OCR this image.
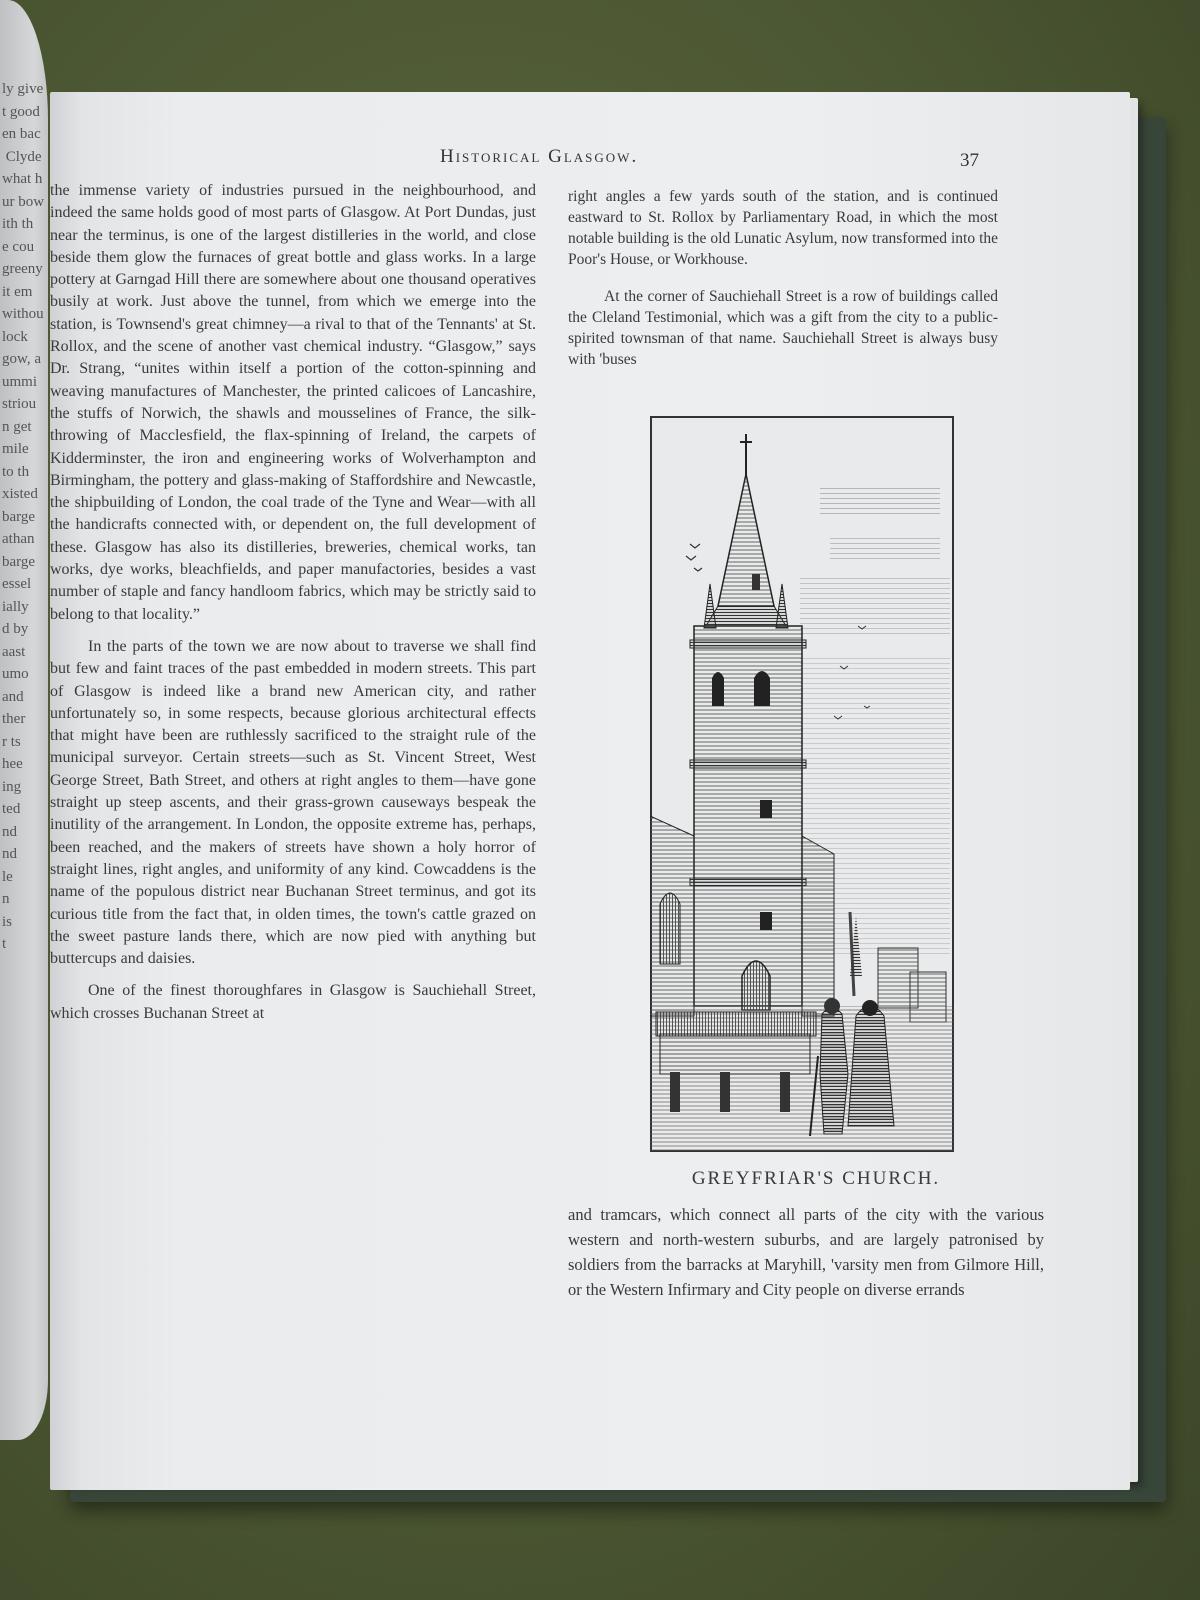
ly give
t good
en bac
Clyde
what h
ur bow
ith th
e cou
greeny
it em
withou
lock
gow, a
ummi
striou
n get
mile
to th
xisted
barge
athan
barge
essel
ially
d by
aast
umo
and
ther
r ts
hee
ing
ted
nd
nd
le
n
is
t
Historical Glasgow.	37

the immense variety of industries pursued in the neighbourhood, and indeed the same holds good of most parts of Glasgow. At Port Dundas, just near the terminus, is one of the largest distilleries in the world, and close beside them glow the furnaces of great bottle and glass works. In a large pottery at Garngad Hill there are somewhere about one thousand operatives busily at work. Just above the tunnel, from which we emerge into the station, is Townsend's great chimney—a rival to that of the Tennants' at St. Rollox, and the scene of another vast chemical industry. “Glasgow,” says Dr. Strang, “unites within itself a portion of the cotton-spinning and weaving manufactures of Manchester, the printed calicoes of Lancashire, the stuffs of Norwich, the shawls and mousselines of France, the silk-throwing of Macclesfield, the flax-spinning of Ireland, the carpets of Kidderminster, the iron and engineering works of Wolverhampton and Birmingham, the pottery and glass-making of Staffordshire and Newcastle, the shipbuilding of London, the coal trade of the Tyne and Wear—with all the handicrafts connected with, or dependent on, the full development of these. Glasgow has also its distilleries, breweries, chemical works, tan works, dye works, bleachfields, and paper manufactories, besides a vast number of staple and fancy handloom fabrics, which may be strictly said to belong to that locality.”

In the parts of the town we are now about to traverse we shall find but few and faint traces of the past embedded in modern streets. This part of Glasgow is indeed like a brand new American city, and rather unfortunately so, in some respects, because glorious architectural effects that might have been are ruthlessly sacrificed to the straight rule of the municipal surveyor. Certain streets—such as St. Vincent Street, West George Street, Bath Street, and others at right angles to them—have gone straight up steep ascents, and their grass-grown causeways bespeak the inutility of the arrangement. In London, the opposite extreme has, perhaps, been reached, and the makers of streets have shown a holy horror of straight lines, right angles, and uniformity of any kind. Cowcaddens is the name of the populous district near Buchanan Street terminus, and got its curious title from the fact that, in olden times, the town's cattle grazed on the sweet pasture lands there, which are now pied with anything but buttercups and daisies.

One of the finest thoroughfares in Glasgow is Sauchiehall Street, which crosses Buchanan Street at

right angles a few yards south of the station, and is continued eastward to St. Rollox by Parliamentary Road, in which the most notable building is the old Lunatic Asylum, now transformed into the Poor's House, or Workhouse.

At the corner of Sauchiehall Street is a row of buildings called the Cleland Testimonial, which was a gift from the city to a public-spirited townsman of that name. Sauchiehall Street is always busy with 'buses

GREYFRIAR'S CHURCH.

and tramcars, which connect all parts of the city with the various western and north-western suburbs, and are largely patronised by soldiers from the barracks at Maryhill, 'varsity men from Gilmore Hill, or the Western Infirmary and City people on diverse errands
